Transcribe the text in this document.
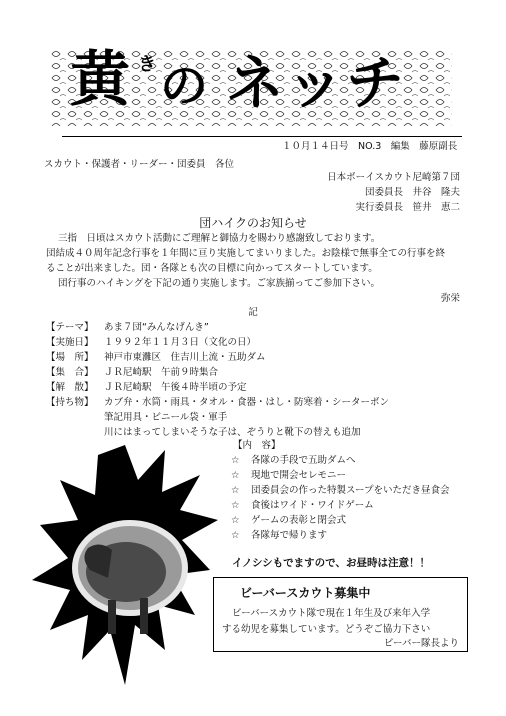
黄 き の ネッチ
１０月１４日号　NO.3　編集　藤原副長
スカウト・保護者・リーダー・団委員　各位
日本ボーイスカウト尼崎第７団
団委員長　井谷　隆夫
実行委員長　笹井　恵二
団ハイクのお知らせ
三指　日頃はスカウト活動にご理解と御協力を賜わり感謝致しております。
団結成４０周年記念行事を１年間に亘り実施してまいりました。お陰様で無事全ての行事を終
ることが出来ました。団・各隊とも次の目標に向かってスタートしています。
団行事のハイキングを下記の通り実施します。ご家族揃ってご参加下さい。
弥栄
記
【テーマ】	あま７団“みんなげんき”
【実施日】	１９９２年１１月３日（文化の日）
【場　所】	神戸市東灘区　住吉川上流・五助ダム
【集　合】	ＪＲ尼崎駅　午前９時集合
【解　散】	ＪＲ尼崎駅　午後４時半頃の予定
【持ち物】	カブ弁・水筒・雨具・タオル・食器・はし・防寒着・シーターボン
筆記用具・ビニール袋・軍手
川にはまってしまいそうな子は、ぞうりと靴下の替えも追加
【内　容】
☆ 各隊の手段で五助ダムへ
☆ 現地で開会セレモニー
☆ 団委員会の作った特製スープをいただき昼食会
☆ 食後はワイド・ワイドゲーム
☆ ゲームの表彰と閉会式
☆ 各隊毎で帰ります
イノシシもでますので、お昼時は注意！！
ビーバースカウト募集中
ビーバースカウト隊で現在１年生及び来年入学
する幼児を募集しています。どうぞご協力下さい
ビーバー隊長より
